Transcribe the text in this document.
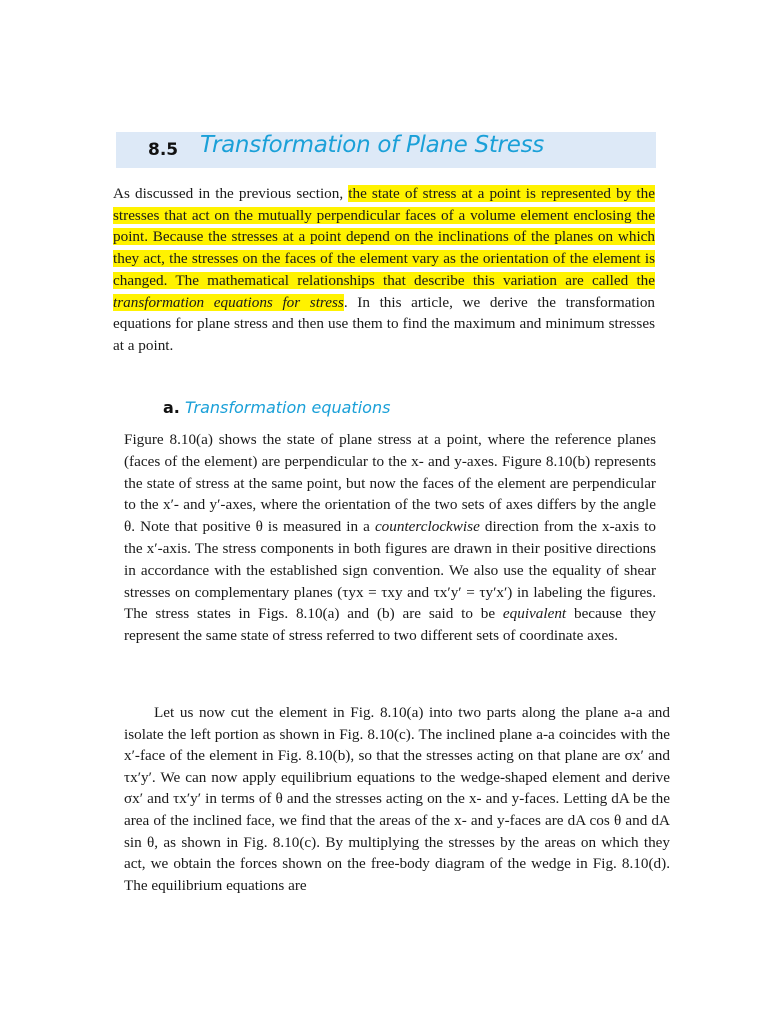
8.5 Transformation of Plane Stress

As discussed in the previous section, the state of stress at a point is represented by the stresses that act on the mutually perpendicular faces of a volume element enclosing the point. Because the stresses at a point depend on the inclinations of the planes on which they act, the stresses on the faces of the element vary as the orientation of the element is changed. The mathematical relationships that describe this variation are called the transformation equations for stress. In this article, we derive the transformation equations for plane stress and then use them to find the maximum and minimum stresses at a point.

a. Transformation equations

Figure 8.10(a) shows the state of plane stress at a point, where the reference planes (faces of the element) are perpendicular to the x- and y-axes. Figure 8.10(b) represents the state of stress at the same point, but now the faces of the element are perpendicular to the x′- and y′-axes, where the orientation of the two sets of axes differs by the angle θ. Note that positive θ is measured in a counterclockwise direction from the x-axis to the x′-axis. The stress components in both figures are drawn in their positive directions in accordance with the established sign convention. We also use the equality of shear stresses on complementary planes (τyx = τxy and τx′y′ = τy′x′) in labeling the figures. The stress states in Figs. 8.10(a) and (b) are said to be equivalent because they represent the same state of stress referred to two different sets of coordinate axes.

Let us now cut the element in Fig. 8.10(a) into two parts along the plane a-a and isolate the left portion as shown in Fig. 8.10(c). The inclined plane a-a coincides with the x′-face of the element in Fig. 8.10(b), so that the stresses acting on that plane are σx′ and τx′y′. We can now apply equilibrium equations to the wedge-shaped element and derive σx′ and τx′y′ in terms of θ and the stresses acting on the x- and y-faces. Letting dA be the area of the inclined face, we find that the areas of the x- and y-faces are dA cos θ and dA sin θ, as shown in Fig. 8.10(c). By multiplying the stresses by the areas on which they act, we obtain the forces shown on the free-body diagram of the wedge in Fig. 8.10(d). The equilibrium equations are
